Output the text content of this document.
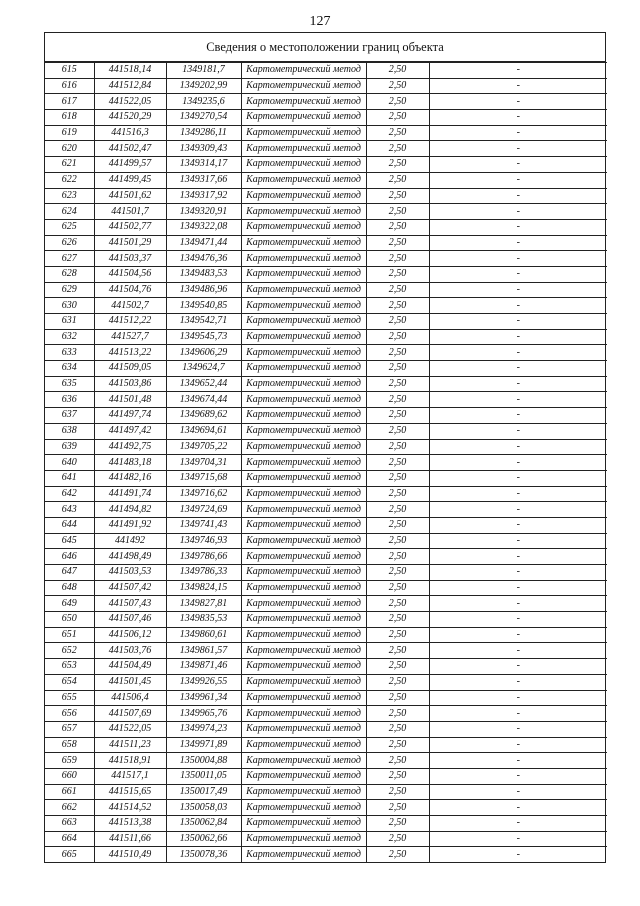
127
Сведения о местоположении границ объекта
615	441518,14	1349181,7	Картометрический метод	2,50	-
616	441512,84	1349202,99	Картометрический метод	2,50	-
617	441522,05	1349235,6	Картометрический метод	2,50	-
618	441520,29	1349270,54	Картометрический метод	2,50	-
619	441516,3	1349286,11	Картометрический метод	2,50	-
620	441502,47	1349309,43	Картометрический метод	2,50	-
621	441499,57	1349314,17	Картометрический метод	2,50	-
622	441499,45	1349317,66	Картометрический метод	2,50	-
623	441501,62	1349317,92	Картометрический метод	2,50	-
624	441501,7	1349320,91	Картометрический метод	2,50	-
625	441502,77	1349322,08	Картометрический метод	2,50	-
626	441501,29	1349471,44	Картометрический метод	2,50	-
627	441503,37	1349476,36	Картометрический метод	2,50	-
628	441504,56	1349483,53	Картометрический метод	2,50	-
629	441504,76	1349486,96	Картометрический метод	2,50	-
630	441502,7	1349540,85	Картометрический метод	2,50	-
631	441512,22	1349542,71	Картометрический метод	2,50	-
632	441527,7	1349545,73	Картометрический метод	2,50	-
633	441513,22	1349606,29	Картометрический метод	2,50	-
634	441509,05	1349624,7	Картометрический метод	2,50	-
635	441503,86	1349652,44	Картометрический метод	2,50	-
636	441501,48	1349674,44	Картометрический метод	2,50	-
637	441497,74	1349689,62	Картометрический метод	2,50	-
638	441497,42	1349694,61	Картометрический метод	2,50	-
639	441492,75	1349705,22	Картометрический метод	2,50	-
640	441483,18	1349704,31	Картометрический метод	2,50	-
641	441482,16	1349715,68	Картометрический метод	2,50	-
642	441491,74	1349716,62	Картометрический метод	2,50	-
643	441494,82	1349724,69	Картометрический метод	2,50	-
644	441491,92	1349741,43	Картометрический метод	2,50	-
645	441492	1349746,93	Картометрический метод	2,50	-
646	441498,49	1349786,66	Картометрический метод	2,50	-
647	441503,53	1349786,33	Картометрический метод	2,50	-
648	441507,42	1349824,15	Картометрический метод	2,50	-
649	441507,43	1349827,81	Картометрический метод	2,50	-
650	441507,46	1349835,53	Картометрический метод	2,50	-
651	441506,12	1349860,61	Картометрический метод	2,50	-
652	441503,76	1349861,57	Картометрический метод	2,50	-
653	441504,49	1349871,46	Картометрический метод	2,50	-
654	441501,45	1349926,55	Картометрический метод	2,50	-
655	441506,4	1349961,34	Картометрический метод	2,50	-
656	441507,69	1349965,76	Картометрический метод	2,50	-
657	441522,05	1349974,23	Картометрический метод	2,50	-
658	441511,23	1349971,89	Картометрический метод	2,50	-
659	441518,91	1350004,88	Картометрический метод	2,50	-
660	441517,1	1350011,05	Картометрический метод	2,50	-
661	441515,65	1350017,49	Картометрический метод	2,50	-
662	441514,52	1350058,03	Картометрический метод	2,50	-
663	441513,38	1350062,84	Картометрический метод	2,50	-
664	441511,66	1350062,66	Картометрический метод	2,50	-
665	441510,49	1350078,36	Картометрический метод	2,50	-
